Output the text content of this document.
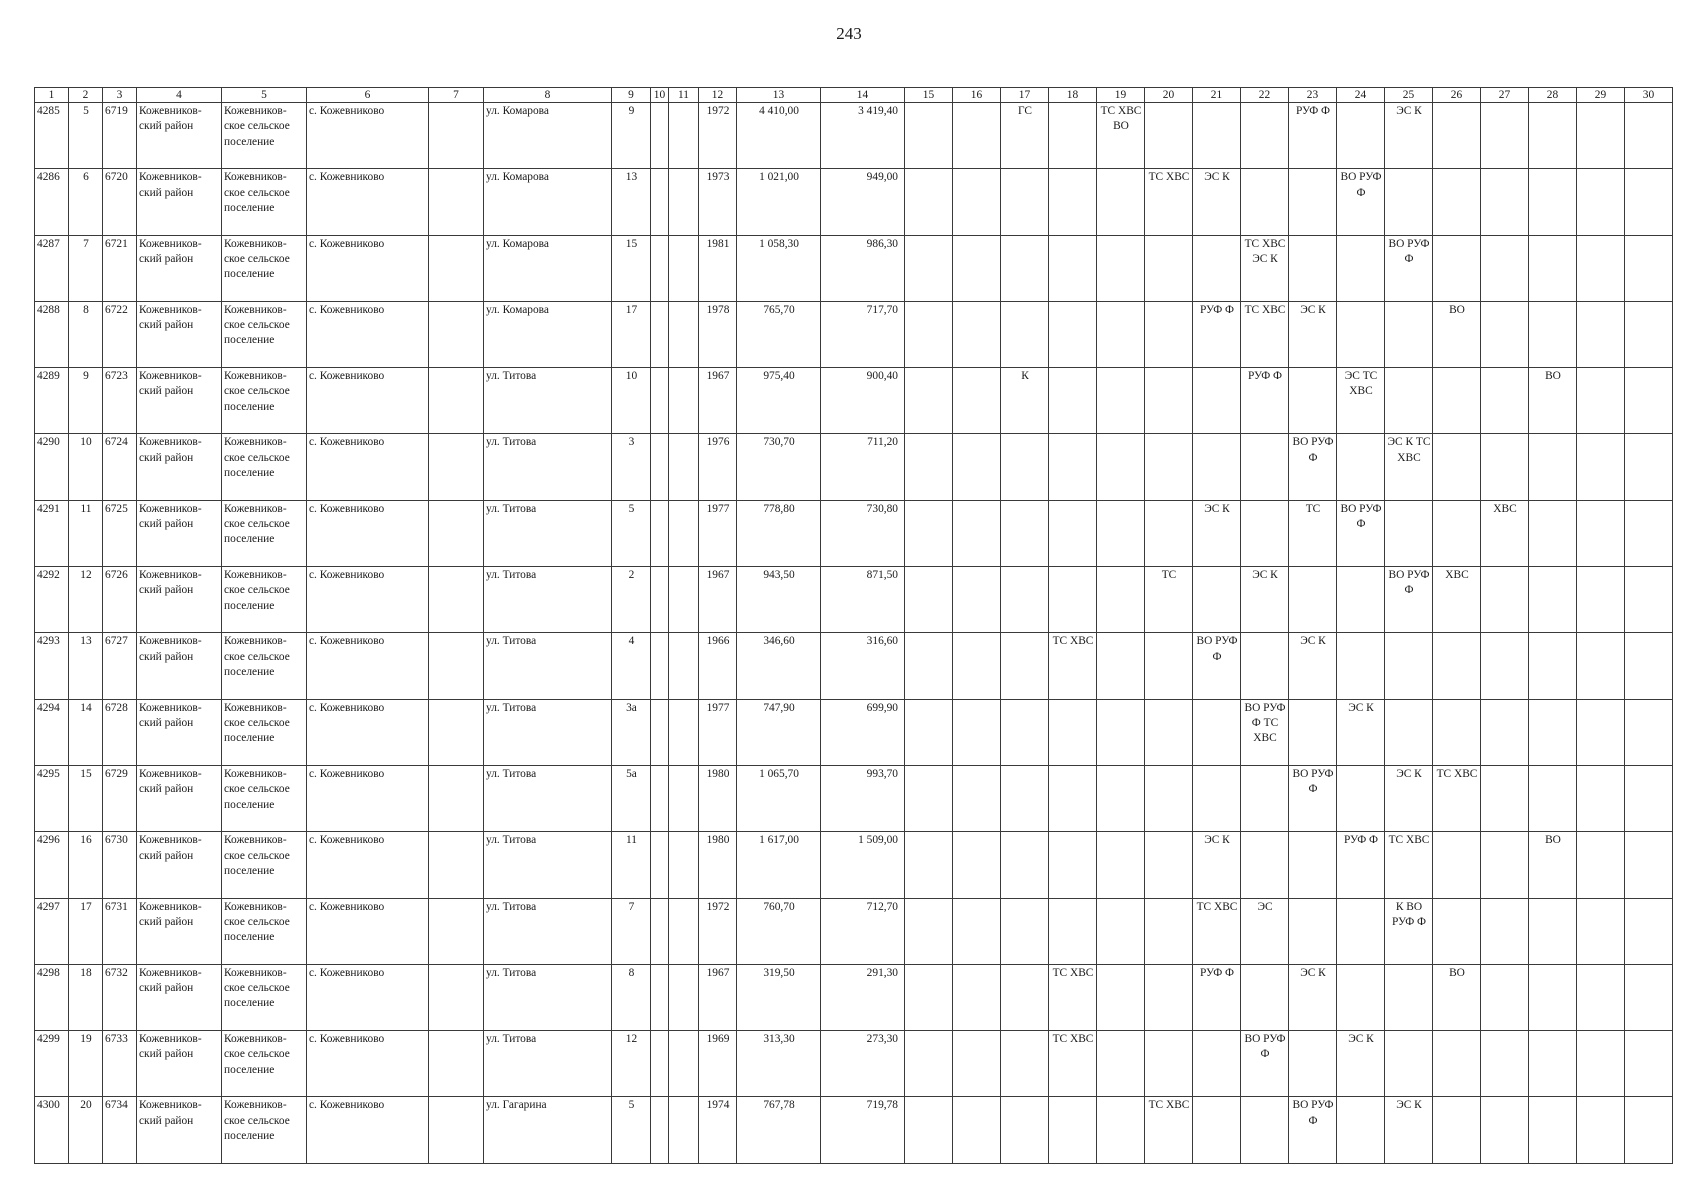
243
1	2	3	4	5	6	7	8	9	10	11	12	13	14	15	16	17	18	19	20	21	22	23	24	25	26	27	28	29	30
4285	5	6719	Кожевников-ский район	Кожевников-ское сельское поселение	с. Кожевниково		ул. Комарова	9			1972	4 410,00	3 419,40			ГС		ТС ХВС ВО				РУФ Ф		ЭС К					
4286	6	6720	Кожевников-ский район	Кожевников-ское сельское поселение	с. Кожевниково		ул. Комарова	13			1973	1 021,00	949,00						ТС ХВС	ЭС К			ВО РУФ Ф						
4287	7	6721	Кожевников-ский район	Кожевников-ское сельское поселение	с. Кожевниково		ул. Комарова	15			1981	1 058,30	986,30								ТС ХВС ЭС К			ВО РУФ Ф					
4288	8	6722	Кожевников-ский район	Кожевников-ское сельское поселение	с. Кожевниково		ул. Комарова	17			1978	765,70	717,70							РУФ Ф	ТС ХВС	ЭС К			ВО				
4289	9	6723	Кожевников-ский район	Кожевников-ское сельское поселение	с. Кожевниково		ул. Титова	10			1967	975,40	900,40			К					РУФ Ф		ЭС ТС ХВС				ВО		
4290	10	6724	Кожевников-ский район	Кожевников-ское сельское поселение	с. Кожевниково		ул. Титова	3			1976	730,70	711,20									ВО РУФ Ф		ЭС К ТС ХВС					
4291	11	6725	Кожевников-ский район	Кожевников-ское сельское поселение	с. Кожевниково		ул. Титова	5			1977	778,80	730,80							ЭС К		ТС	ВО РУФ Ф			ХВС			
4292	12	6726	Кожевников-ский район	Кожевников-ское сельское поселение	с. Кожевниково		ул. Титова	2			1967	943,50	871,50						ТС		ЭС К			ВО РУФ Ф	ХВС				
4293	13	6727	Кожевников-ский район	Кожевников-ское сельское поселение	с. Кожевниково		ул. Титова	4			1966	346,60	316,60				ТС ХВС			ВО РУФ Ф		ЭС К							
4294	14	6728	Кожевников-ский район	Кожевников-ское сельское поселение	с. Кожевниково		ул. Титова	3а			1977	747,90	699,90								ВО РУФ Ф ТС ХВС		ЭС К						
4295	15	6729	Кожевников-ский район	Кожевников-ское сельское поселение	с. Кожевниково		ул. Титова	5а			1980	1 065,70	993,70									ВО РУФ Ф		ЭС К	ТС ХВС				
4296	16	6730	Кожевников-ский район	Кожевников-ское сельское поселение	с. Кожевниково		ул. Титова	11			1980	1 617,00	1 509,00							ЭС К			РУФ Ф	ТС ХВС			ВО		
4297	17	6731	Кожевников-ский район	Кожевников-ское сельское поселение	с. Кожевниково		ул. Титова	7			1972	760,70	712,70							ТС ХВС	ЭС			К ВО РУФ Ф					
4298	18	6732	Кожевников-ский район	Кожевников-ское сельское поселение	с. Кожевниково		ул. Титова	8			1967	319,50	291,30				ТС ХВС			РУФ Ф		ЭС К			ВО				
4299	19	6733	Кожевников-ский район	Кожевников-ское сельское поселение	с. Кожевниково		ул. Титова	12			1969	313,30	273,30				ТС ХВС				ВО РУФ Ф		ЭС К						
4300	20	6734	Кожевников-ский район	Кожевников-ское сельское поселение	с. Кожевниково		ул. Гагарина	5			1974	767,78	719,78						ТС ХВС			ВО РУФ Ф		ЭС К					
